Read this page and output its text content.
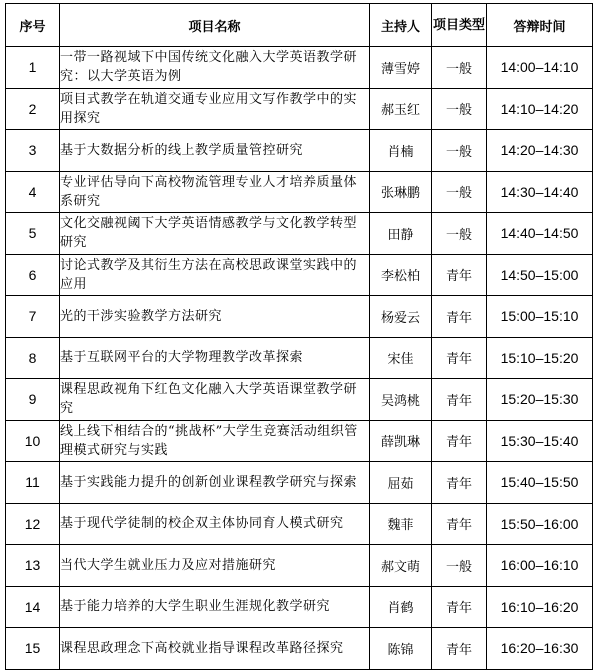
序号	项目名称	主持人	项目类型	答辩时间
1	一带一路视域下中国传统文化融入大学英语教学研究：以大学英语为例	薄雪婷	一般	14:00–14:10
2	项目式教学在轨道交通专业应用文写作教学中的实用探究	郝玉红	一般	14:10–14:20
3	基于大数据分析的线上教学质量管控研究	肖楠	一般	14:20–14:30
4	专业评估导向下高校物流管理专业人才培养质量体系研究	张琳鹏	一般	14:30–14:40
5	文化交融视阈下大学英语情感教学与文化教学转型研究	田静	一般	14:40–14:50
6	讨论式教学及其衍生方法在高校思政课堂实践中的应用	李松柏	青年	14:50–15:00
7	光的干涉实验教学方法研究	杨爱云	青年	15:00–15:10
8	基于互联网平台的大学物理教学改革探索	宋佳	青年	15:10–15:20
9	课程思政视角下红色文化融入大学英语课堂教学研究	吴鸿桃	青年	15:20–15:30
10	线上线下相结合的“挑战杯”大学生竞赛活动组织管理模式研究与实践	薛凯琳	青年	15:30–15:40
11	基于实践能力提升的创新创业课程教学研究与探索	屈茹	青年	15:40–15:50
12	基于现代学徒制的校企双主体协同育人模式研究	魏菲	青年	15:50–16:00
13	当代大学生就业压力及应对措施研究	郝文萌	一般	16:00–16:10
14	基于能力培养的大学生职业生涯规化教学研究	肖鹤	青年	16:10–16:20
15	课程思政理念下高校就业指导课程改革路径探究	陈锦	青年	16:20–16:30
